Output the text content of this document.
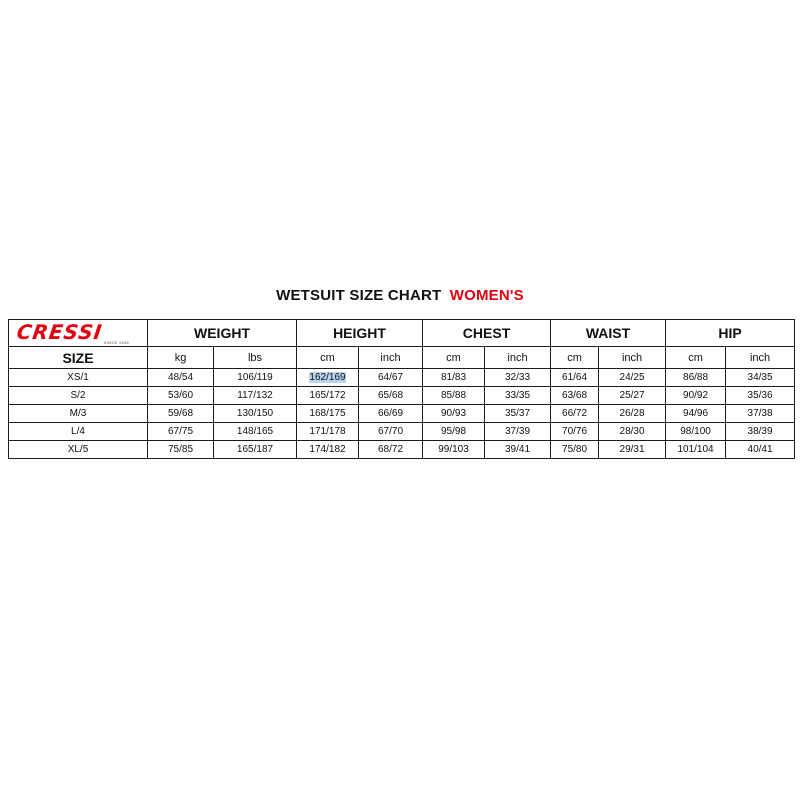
WETSUIT SIZE CHART WOMEN'S
CRESSI SINCE 1946	WEIGHT		HEIGHT		CHEST		WAIST		HIP	
SIZE	kg	lbs	cm	inch	cm	inch	cm	inch	cm	inch
XS/1	48/54	106/119	162/169	64/67	81/83	32/33	61/64	24/25	86/88	34/35
S/2	53/60	117/132	165/172	65/68	85/88	33/35	63/68	25/27	90/92	35/36
M/3	59/68	130/150	168/175	66/69	90/93	35/37	66/72	26/28	94/96	37/38
L/4	67/75	148/165	171/178	67/70	95/98	37/39	70/76	28/30	98/100	38/39
XL/5	75/85	165/187	174/182	68/72	99/103	39/41	75/80	29/31	101/104	40/41
